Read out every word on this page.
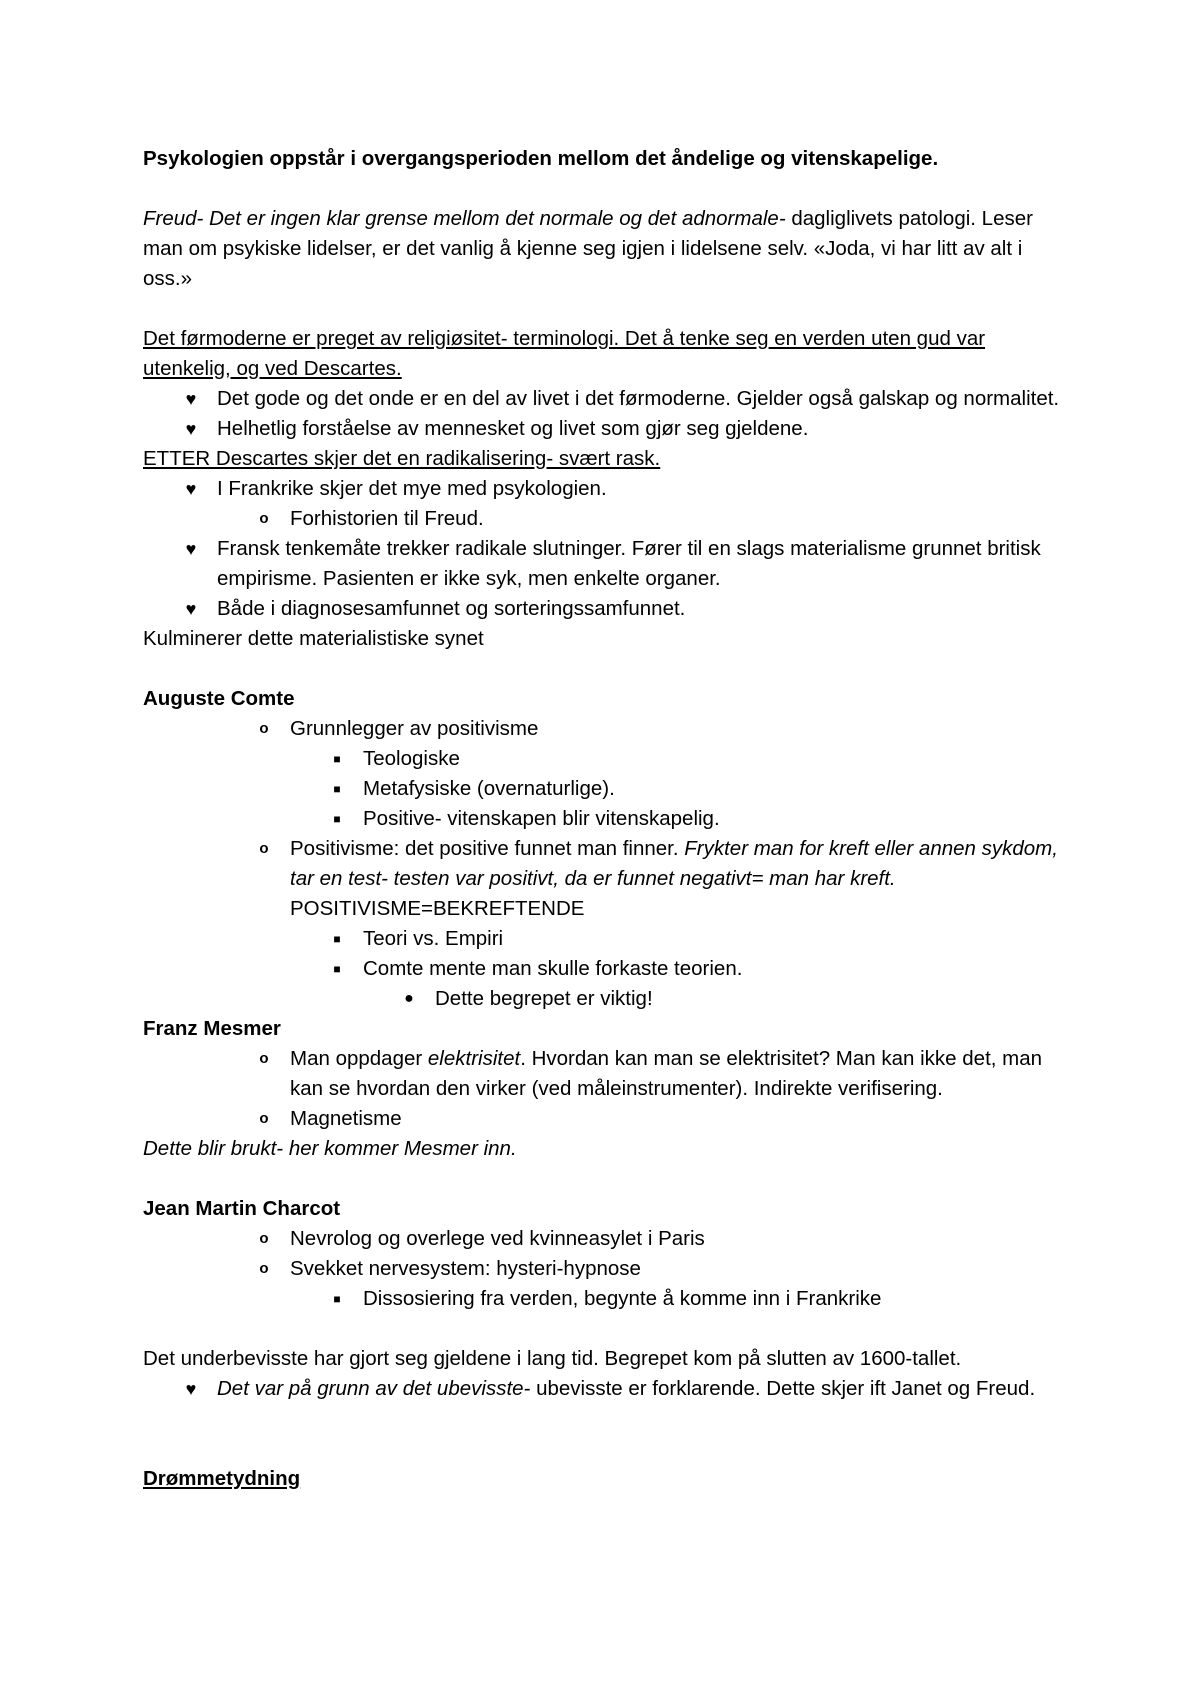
Psykologien oppstår i overgangsperioden mellom det åndelige og vitenskapelige.

Freud- Det er ingen klar grense mellom det normale og det adnormale- dagliglivets patologi. Leser man om psykiske lidelser, er det vanlig å kjenne seg igjen i lidelsene selv. «Joda, vi har litt av alt i oss.»

Det førmoderne er preget av religiøsitet- terminologi. Det å tenke seg en verden uten gud var utenkelig, og ved Descartes.

♥	Det gode og det onde er en del av livet i det førmoderne. Gjelder også galskap og normalitet.
♥	Helhetlig forståelse av mennesket og livet som gjør seg gjeldene.

ETTER Descartes skjer det en radikalisering- svært rask.

♥	I Frankrike skjer det mye med psykologien.
o	Forhistorien til Freud.
♥	Fransk tenkemåte trekker radikale slutninger. Fører til en slags materialisme grunnet britisk empirisme. Pasienten er ikke syk, men enkelte organer.
♥	Både i diagnosesamfunnet og sorteringssamfunnet.

Kulminerer dette materialistiske synet

Auguste Comte

o	Grunnlegger av positivisme
■	Teologiske
■	Metafysiske (overnaturlige).
■	Positive- vitenskapen blir vitenskapelig.
o	Positivisme: det positive funnet man finner. Frykter man for kreft eller annen sykdom, tar en test- testen var positivt, da er funnet negativt= man har kreft.
POSITIVISME=BEKREFTENDE
■	Teori vs. Empiri
■	Comte mente man skulle forkaste teorien.
●	Dette begrepet er viktig!

Franz Mesmer

o	Man oppdager elektrisitet. Hvordan kan man se elektrisitet? Man kan ikke det, man kan se hvordan den virker (ved måleinstrumenter). Indirekte verifisering.
o	Magnetisme

Dette blir brukt- her kommer Mesmer inn.

Jean Martin Charcot

o	Nevrolog og overlege ved kvinneasylet i Paris
o	Svekket nervesystem: hysteri-hypnose
■	Dissosiering fra verden, begynte å komme inn i Frankrike

Det underbevisste har gjort seg gjeldene i lang tid. Begrepet kom på slutten av 1600-tallet.

♥	Det var på grunn av det ubevisste- ubevisste er forklarende. Dette skjer ift Janet og Freud.

Drømmetydning
